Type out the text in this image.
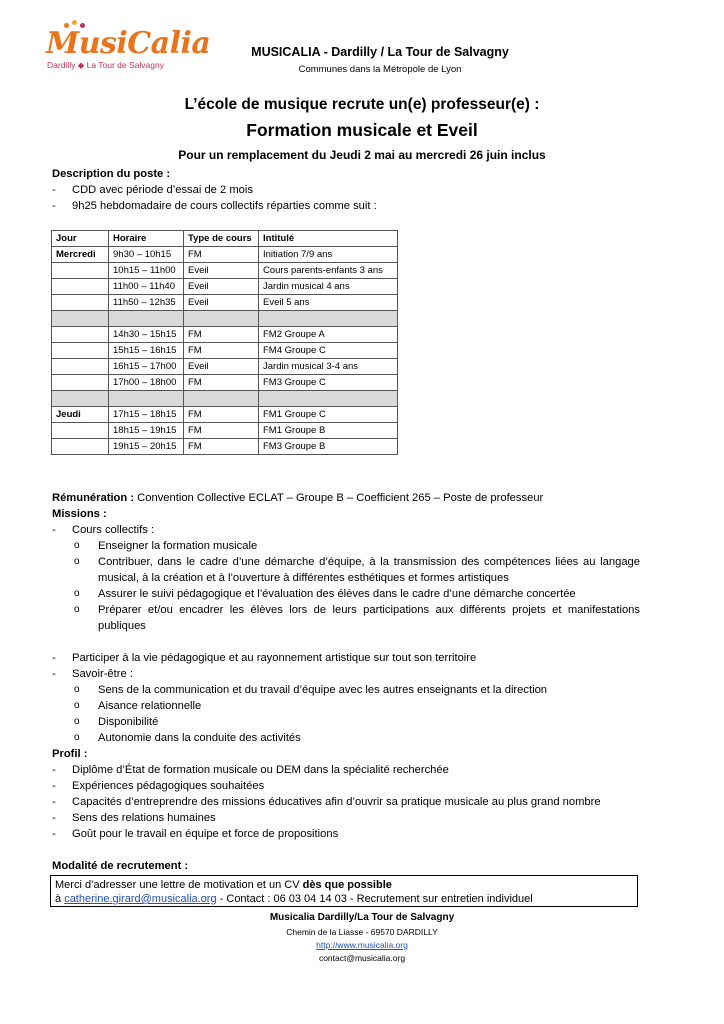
MusiCalia
Dardilly ◆ La Tour de Salvagny
MUSICALIA - Dardilly / La Tour de Salvagny
Communes dans la Métropole de Lyon
L’école de musique recrute un(e) professeur(e) :
Formation musicale et Eveil
Pour un remplacement du Jeudi 2 mai au mercredi 26 juin inclus
Description du poste :
- CDD avec période d’essai de 2 mois
- 9h25 hebdomadaire de cours collectifs réparties comme suit :
Jour	Horaire	Type de cours	Intitulé
Mercredi	9h30 – 10h15	FM	Initiation 7/9 ans
	10h15 – 11h00	Eveil	Cours parents-enfants 3 ans
	11h00 – 11h40	Eveil	Jardin musical 4 ans
	11h50 – 12h35	Eveil	Eveil 5 ans

	14h30 – 15h15	FM	FM2 Groupe A
	15h15 – 16h15	FM	FM4 Groupe C
	16h15 – 17h00	Eveil	Jardin musical 3-4 ans
	17h00 – 18h00	FM	FM3 Groupe C

Jeudi	17h15 – 18h15	FM	FM1 Groupe C
	18h15 – 19h15	FM	FM1 Groupe B
	19h15 – 20h15	FM	FM3 Groupe B
Rémunération : Convention Collective ECLAT – Groupe B – Coefficient 265 – Poste de professeur
Missions :
- Cours collectifs :
o Enseigner la formation musicale
o Contribuer, dans le cadre d’une démarche d’équipe, à la transmission des compétences liées au langage musical, à la création et à l’ouverture à différentes esthétiques et formes artistiques
o Assurer le suivi pédagogique et l’évaluation des élèves dans le cadre d’une démarche concertée
o Préparer et/ou encadrer les élèves lors de leurs participations aux différents projets et manifestations publiques
- Participer à la vie pédagogique et au rayonnement artistique sur tout son territoire
- Savoir-être :
o Sens de la communication et du travail d’équipe avec les autres enseignants et la direction
o Aisance relationnelle
o Disponibilité
o Autonomie dans la conduite des activités
Profil :
- Diplôme d’État de formation musicale ou DEM dans la spécialité recherchée
- Expériences pédagogiques souhaitées
- Capacités d’entreprendre des missions éducatives afin d’ouvrir sa pratique musicale au plus grand nombre
- Sens des relations humaines
- Goût pour le travail en équipe et force de propositions
Modalité de recrutement :
Merci d’adresser une lettre de motivation et un CV dès que possible
à catherine.girard@musicalia.org - Contact : 06 03 04 14 03 - Recrutement sur entretien individuel
Musicalia Dardilly/La Tour de Salvagny
Chemin de la Liasse - 69570 DARDILLY
http://www.musicalia.org
contact@musicalia.org
